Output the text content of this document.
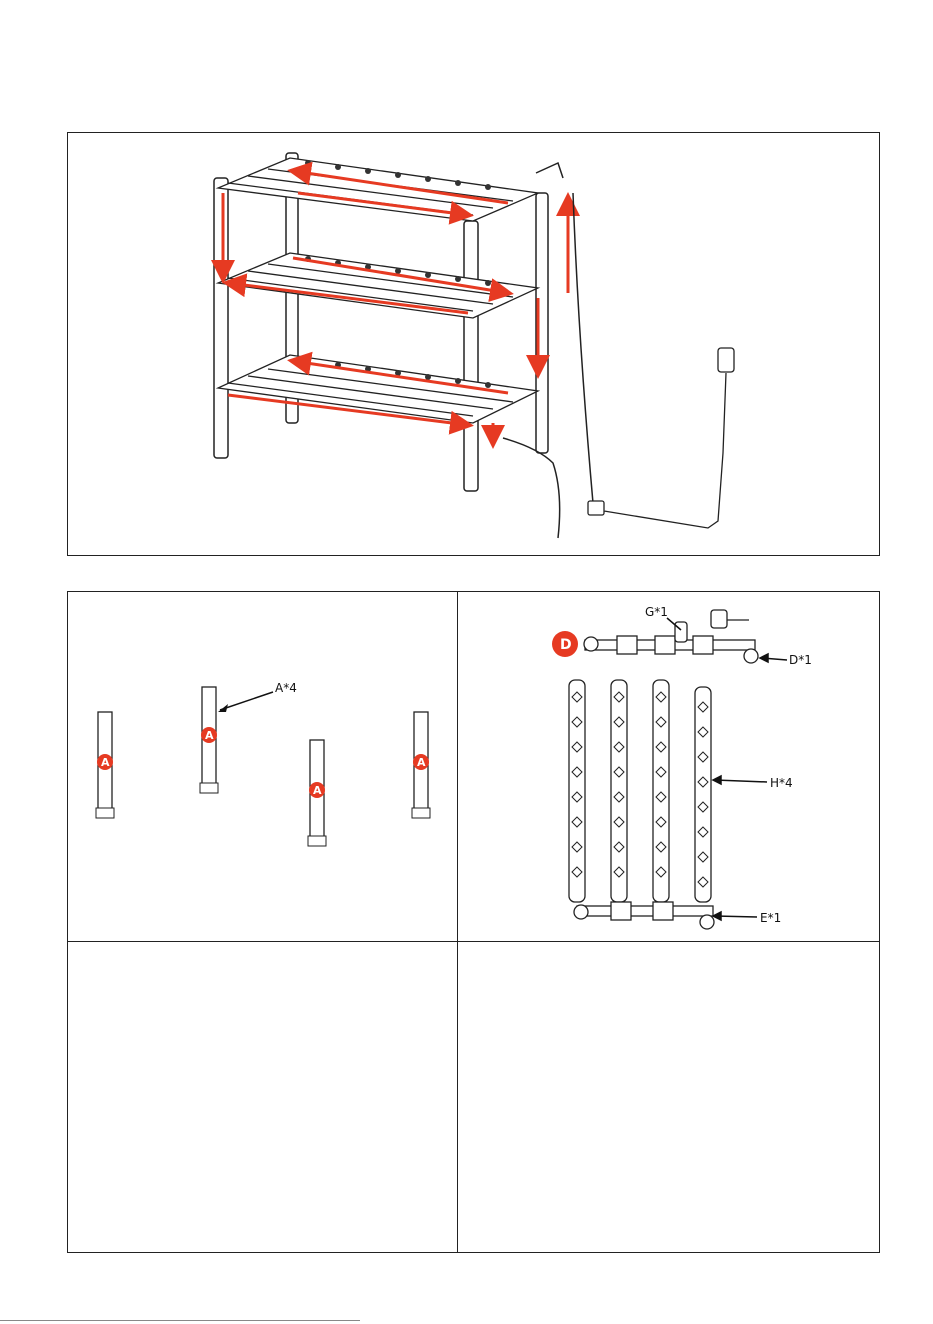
A
A
A
A
A*4
D
G*1
D*1
H*4
E*1
